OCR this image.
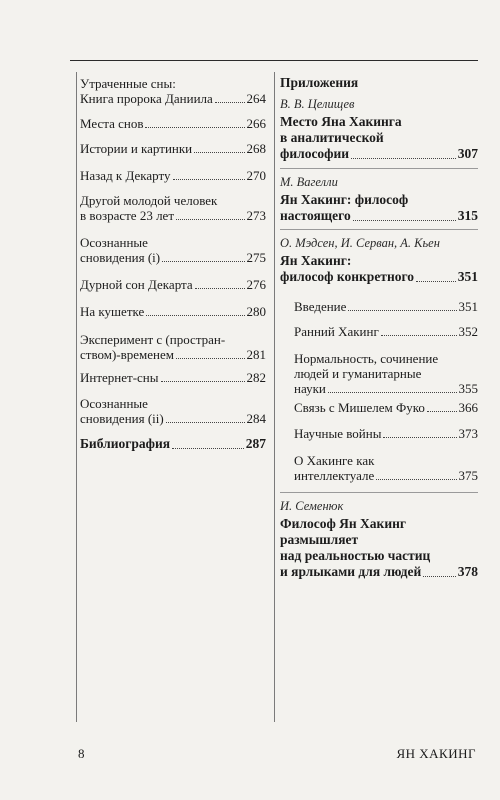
Утраченные сны:
Книга пророка Даниила	264
Места снов	266
Истории и картинки	268
Назад к Декарту	270
Другой молодой человек
в возрасте 23 лет	273
Осознанные
сновидения (i)	275
Дурной сон Декарта	276
На кушетке	280
Эксперимент с (простран-
ством)-временем	281
Интернет-сны	282
Осознанные
сновидения (ii)	284
Библиография	287
Приложения
В. В. Целищев
Место Яна Хакинга
в аналитической
философии	307
М. Вагелли
Ян Хакинг: философ
настоящего	315
О. Мэдсен, И. Серван, А. Кьен
Ян Хакинг:
философ конкретного	351
Введение	351
Ранний Хакинг	352
Нормальность, сочинение
людей и гуманитарные
науки	355
Связь с Мишелем Фуко	366
Научные войны	373
О Хакинге как
интеллектуале	375
И. Семенюк
Философ Ян Хакинг
размышляет
над реальностью частиц
и ярлыками для людей	378
8	ЯН ХАКИНГ
